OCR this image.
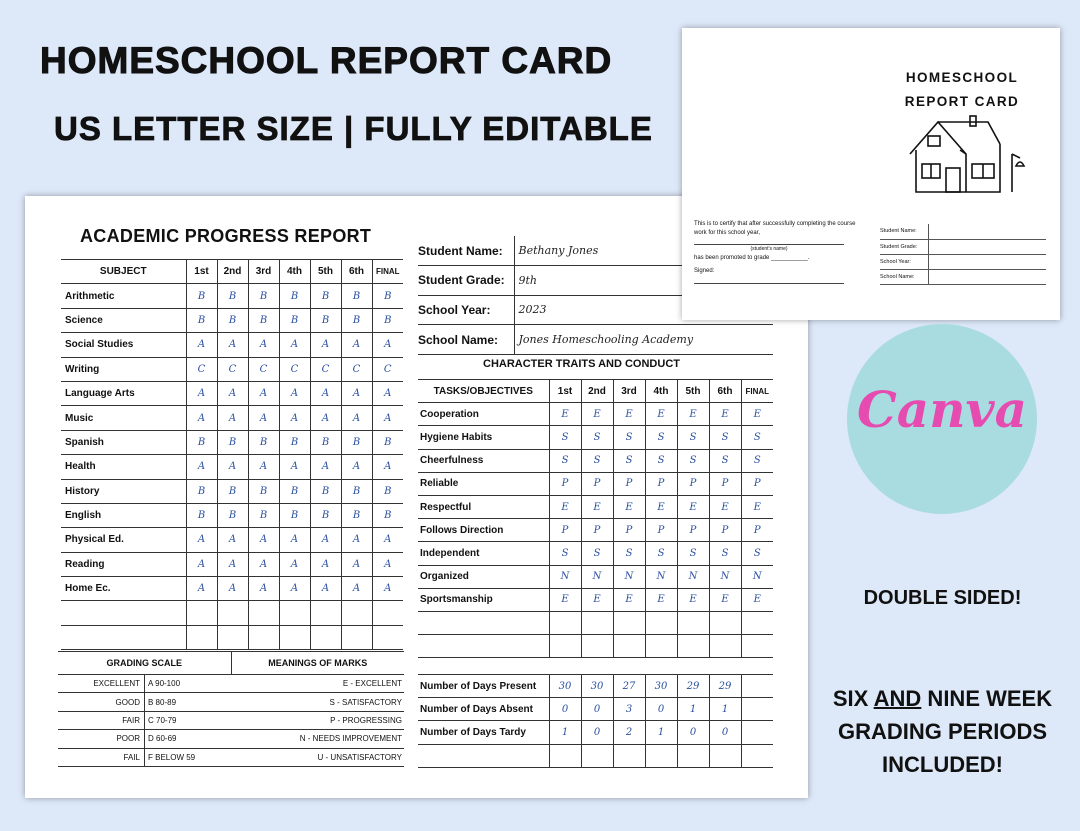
HOMESCHOOL REPORT CARD
US LETTER SIZE | FULLY EDITABLE
ACADEMIC PROGRESS REPORT
SUBJECT	1st	2nd	3rd	4th	5th	6th	FINAL
Arithmetic	B	B	B	B	B	B	B
Science	B	B	B	B	B	B	B
Social Studies	A	A	A	A	A	A	A
Writing	C	C	C	C	C	C	C
Language Arts	A	A	A	A	A	A	A
Music	A	A	A	A	A	A	A
Spanish	B	B	B	B	B	B	B
Health	A	A	A	A	A	A	A
History	B	B	B	B	B	B	B
English	B	B	B	B	B	B	B
Physical Ed.	A	A	A	A	A	A	A
Reading	A	A	A	A	A	A	A
Home Ec.	A	A	A	A	A	A	A

Student Name:	Bethany Jones
Student Grade:	9th
School Year:	2023
School Name:	Jones Homeschooling Academy
CHARACTER TRAITS AND CONDUCT
TASKS/OBJECTIVES	1st	2nd	3rd	4th	5th	6th	FINAL
Cooperation	E	E	E	E	E	E	E
Hygiene Habits	S	S	S	S	S	S	S
Cheerfulness	S	S	S	S	S	S	S
Reliable	P	P	P	P	P	P	P
Respectful	E	E	E	E	E	E	E
Follows Direction	P	P	P	P	P	P	P
Independent	S	S	S	S	S	S	S
Organized	N	N	N	N	N	N	N
Sportsmanship	E	E	E	E	E	E	E

Number of Days Present	30	30	27	30	29	29	
Number of Days Absent	0	0	3	0	1	1	
Number of Days Tardy	1	0	2	1	0	0	

GRADING SCALE	MEANINGS OF MARKS
EXCELLENT	A 90-100	E - EXCELLENT
GOOD	B 80-89	S - SATISFACTORY
FAIR	C 70-79	P - PROGRESSING
POOR	D 60-69	N - NEEDS IMPROVEMENT
FAIL	F BELOW 59	U - UNSATISFACTORY
HOMESCHOOL
REPORT CARD
This is to certify that after successfully completing the course work for this school year,
(student's name)
has been promoted to grade ___________.
Signed:
Student Name:	
Student Grade:	
School Year:	
School Name:	
Canva
DOUBLE SIDED!
SIX AND NINE WEEK GRADING PERIODS INCLUDED!
